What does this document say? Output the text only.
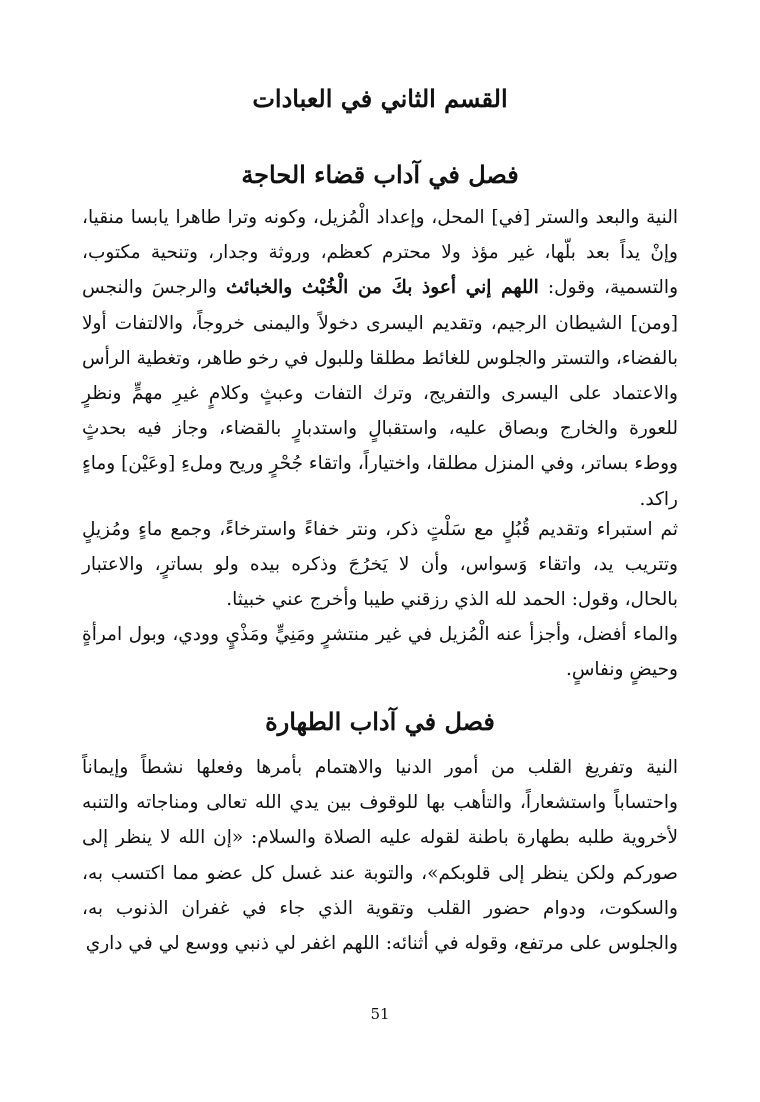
القسم الثاني في العبادات
فصل في آداب قضاء الحاجة

النية والبعد والستر [في] المحل، وإعداد الْمُزيل، وكونه وترا طاهرا يابسا منقيا، وإنْ يداً بعد بلّها، غير مؤذ ولا محترم كعظم، وروثة وجدار، وتنحية مكتوب، والتسمية، وقول: اللهم إني أعوذ بكَ من الْخُبْث والخبائث والرجسَ والنجس [ومن] الشيطان الرجيم، وتقديم اليسرى دخولاً واليمنى خروجاً، والالتفات أولا بالفضاء، والتستر والجلوس للغائط مطلقا وللبول في رخو طاهر، وتغطية الرأس والاعتماد على اليسرى والتفريج، وترك التفات وعبثٍ وكلامٍ غيرِ مهمٍّ ونظرٍ للعورة والخارج وبصاق عليه، واستقبالٍ واستدبارٍ بالقضاء، وجاز فيه بحدثٍ ووطء بساتر، وفي المنزل مطلقا، واختياراً، واتقاء جُحْرٍ وريح وملءِ [وعَيْن] وماءٍ راكد.

ثم استبراء وتقديم قُبُلٍ مع سَلْتٍ ذكر، ونتر خفاءً واسترخاءً، وجمع ماءٍ ومُزيلٍ وتتريب يد، واتقاء وَسواس، وأن لا يَخرُجَ وذكره بيده ولو بساترٍ، والاعتبار بالحال، وقول: الحمد لله الذي رزقني طيبا وأخرج عني خبيثا.

والماء أفضل، وأجزأ عنه الْمُزيل في غير منتشرٍ ومَنِيٍّ ومَذْيٍ وودي، وبول امرأةٍ وحيضٍ ونفاسٍ.

فصل في آداب الطهارة

النية وتفريغ القلب من أمور الدنيا والاهتمام بأمرها وفعلها نشطاً وإيماناً واحتساباً واستشعاراً، والتأهب بها للوقوف بين يدي الله تعالى ومناجاته والتنبه لأخروية طلبه بطهارة باطنة لقوله عليه الصلاة والسلام: «إن الله لا ينظر إلى صوركم ولكن ينظر إلى قلوبكم»، والتوبة عند غسل كل عضو مما اكتسب به، والسكوت، ودوام حضور القلب وتقوية الذي جاء في غفران الذنوب به، والجلوس على مرتفع، وقوله في أثنائه: اللهم اغفر لي ذنبي ووسع لي في داري

51
